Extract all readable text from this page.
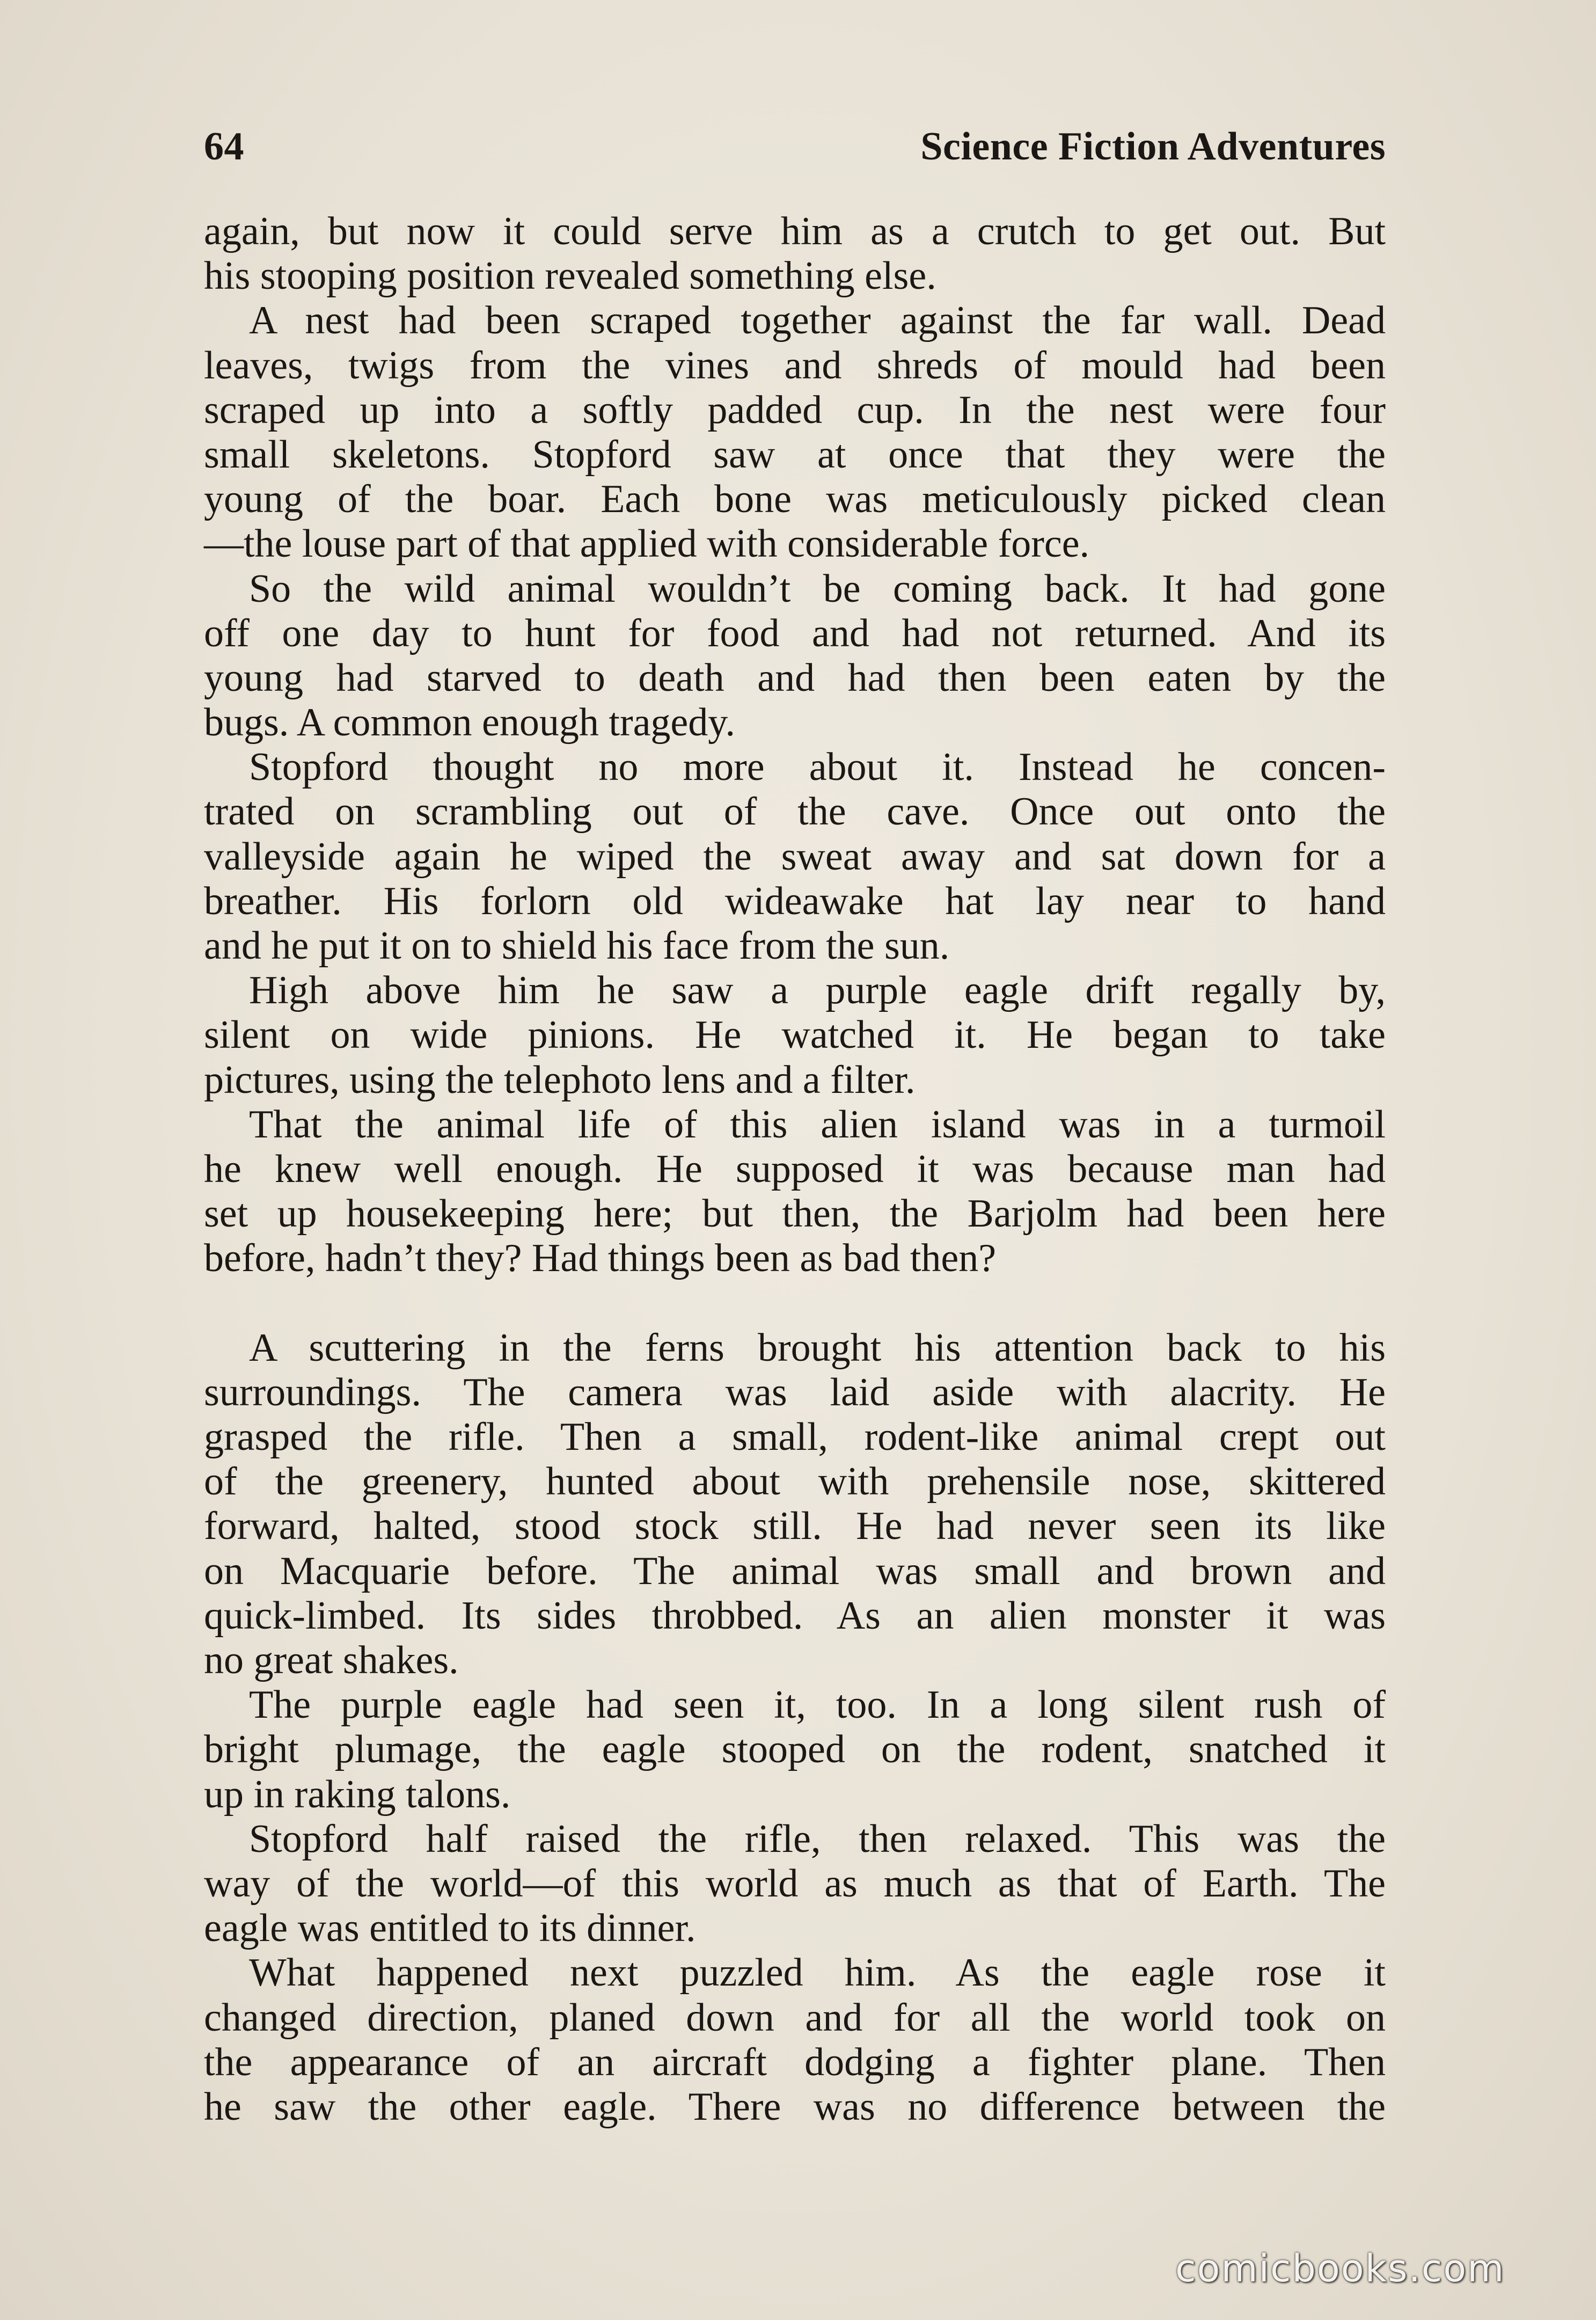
64	Science Fiction Adventures
again, but now it could serve him as a crutch to get out. But
his stooping position revealed something else.
A nest had been scraped together against the far wall. Dead
leaves, twigs from the vines and shreds of mould had been
scraped up into a softly padded cup. In the nest were four
small skeletons. Stopford saw at once that they were the
young of the boar. Each bone was meticulously picked clean
—the louse part of that applied with considerable force.
So the wild animal wouldn’t be coming back. It had gone
off one day to hunt for food and had not returned. And its
young had starved to death and had then been eaten by the
bugs. A common enough tragedy.
Stopford thought no more about it. Instead he concen-
trated on scrambling out of the cave. Once out onto the
valleyside again he wiped the sweat away and sat down for a
breather. His forlorn old wideawake hat lay near to hand
and he put it on to shield his face from the sun.
High above him he saw a purple eagle drift regally by,
silent on wide pinions. He watched it. He began to take
pictures, using the telephoto lens and a filter.
That the animal life of this alien island was in a turmoil
he knew well enough. He supposed it was because man had
set up housekeeping here; but then, the Barjolm had been here
before, hadn’t they? Had things been as bad then?
A scuttering in the ferns brought his attention back to his
surroundings. The camera was laid aside with alacrity. He
grasped the rifle. Then a small, rodent-like animal crept out
of the greenery, hunted about with prehensile nose, skittered
forward, halted, stood stock still. He had never seen its like
on Macquarie before. The animal was small and brown and
quick-limbed. Its sides throbbed. As an alien monster it was
no great shakes.
The purple eagle had seen it, too. In a long silent rush of
bright plumage, the eagle stooped on the rodent, snatched it
up in raking talons.
Stopford half raised the rifle, then relaxed. This was the
way of the world—of this world as much as that of Earth. The
eagle was entitled to its dinner.
What happened next puzzled him. As the eagle rose it
changed direction, planed down and for all the world took on
the appearance of an aircraft dodging a fighter plane. Then
he saw the other eagle. There was no difference between the
comicbooks.com
